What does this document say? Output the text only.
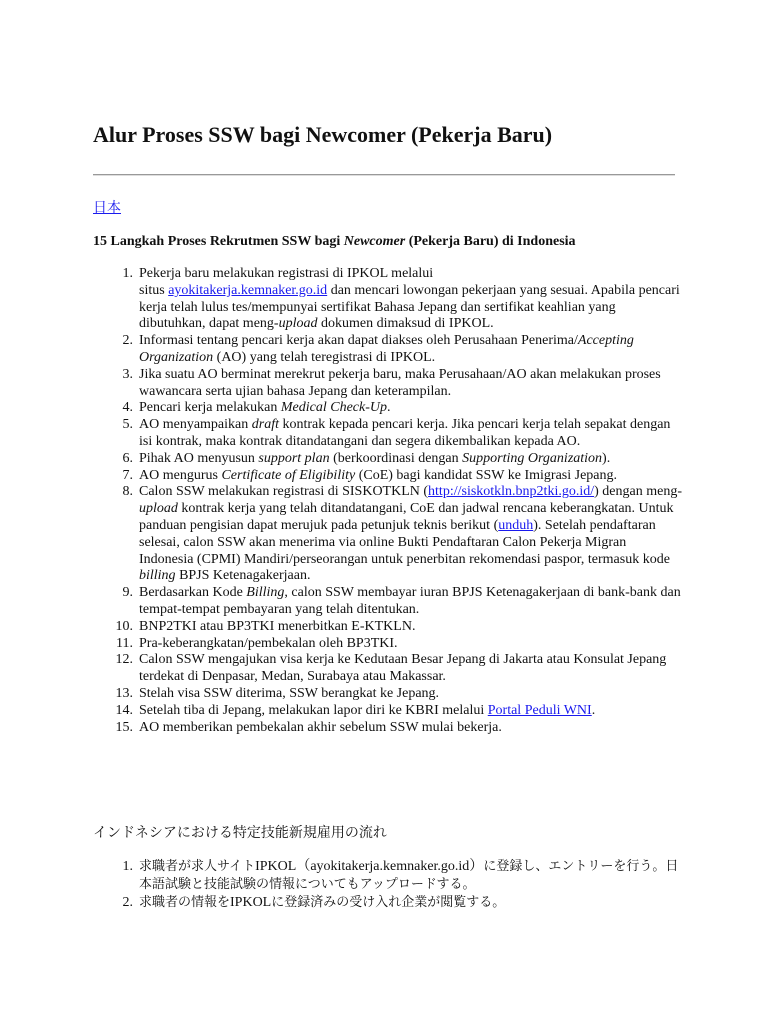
Alur Proses SSW bagi Newcomer (Pekerja Baru)
日本

15 Langkah Proses Rekrutmen SSW bagi Newcomer (Pekerja Baru) di Indonesia

1. Pekerja baru melakukan registrasi di IPKOL melalui
situs ayokitakerja.kemnaker.go.id dan mencari lowongan pekerjaan yang sesuai. Apabila pencari kerja telah lulus tes/mempunyai sertifikat Bahasa Jepang dan sertifikat keahlian yang dibutuhkan, dapat meng-upload dokumen dimaksud di IPKOL.
2. Informasi tentang pencari kerja akan dapat diakses oleh Perusahaan Penerima/Accepting Organization (AO) yang telah teregistrasi di IPKOL.
3. Jika suatu AO berminat merekrut pekerja baru, maka Perusahaan/AO akan melakukan proses wawancara serta ujian bahasa Jepang dan keterampilan.
4. Pencari kerja melakukan Medical Check-Up.
5. AO menyampaikan draft kontrak kepada pencari kerja. Jika pencari kerja telah sepakat dengan isi kontrak, maka kontrak ditandatangani dan segera dikembalikan kepada AO.
6. Pihak AO menyusun support plan (berkoordinasi dengan Supporting Organization).
7. AO mengurus Certificate of Eligibility (CoE) bagi kandidat SSW ke Imigrasi Jepang.
8. Calon SSW melakukan registrasi di SISKOTKLN (http://siskotkln.bnp2tki.go.id/) dengan meng-upload kontrak kerja yang telah ditandatangani, CoE dan jadwal rencana keberangkatan. Untuk panduan pengisian dapat merujuk pada petunjuk teknis berikut (unduh). Setelah pendaftaran selesai, calon SSW akan menerima via online Bukti Pendaftaran Calon Pekerja Migran Indonesia (CPMI) Mandiri/perseorangan untuk penerbitan rekomendasi paspor, termasuk kode billing BPJS Ketenagakerjaan.
9. Berdasarkan Kode Billing, calon SSW membayar iuran BPJS Ketenagakerjaan di bank-bank dan tempat-tempat pembayaran yang telah ditentukan.
10. BNP2TKI atau BP3TKI menerbitkan E-KTKLN.
11. Pra-keberangkatan/pembekalan oleh BP3TKI.
12. Calon SSW mengajukan visa kerja ke Kedutaan Besar Jepang di Jakarta atau Konsulat Jepang terdekat di Denpasar, Medan, Surabaya atau Makassar.
13. Stelah visa SSW diterima, SSW berangkat ke Jepang.
14. Setelah tiba di Jepang, melakukan lapor diri ke KBRI melalui Portal Peduli WNI.
15. AO memberikan pembekalan akhir sebelum SSW mulai bekerja.

インドネシアにおける特定技能新規雇用の流れ

1. 求職者が求人サイトIPKOL（ayokitakerja.kemnaker.go.id）に登録し、エントリーを行う。日本語試験と技能試験の情報についてもアップロードする。
2. 求職者の情報をIPKOLに登録済みの受け入れ企業が閲覧する。
